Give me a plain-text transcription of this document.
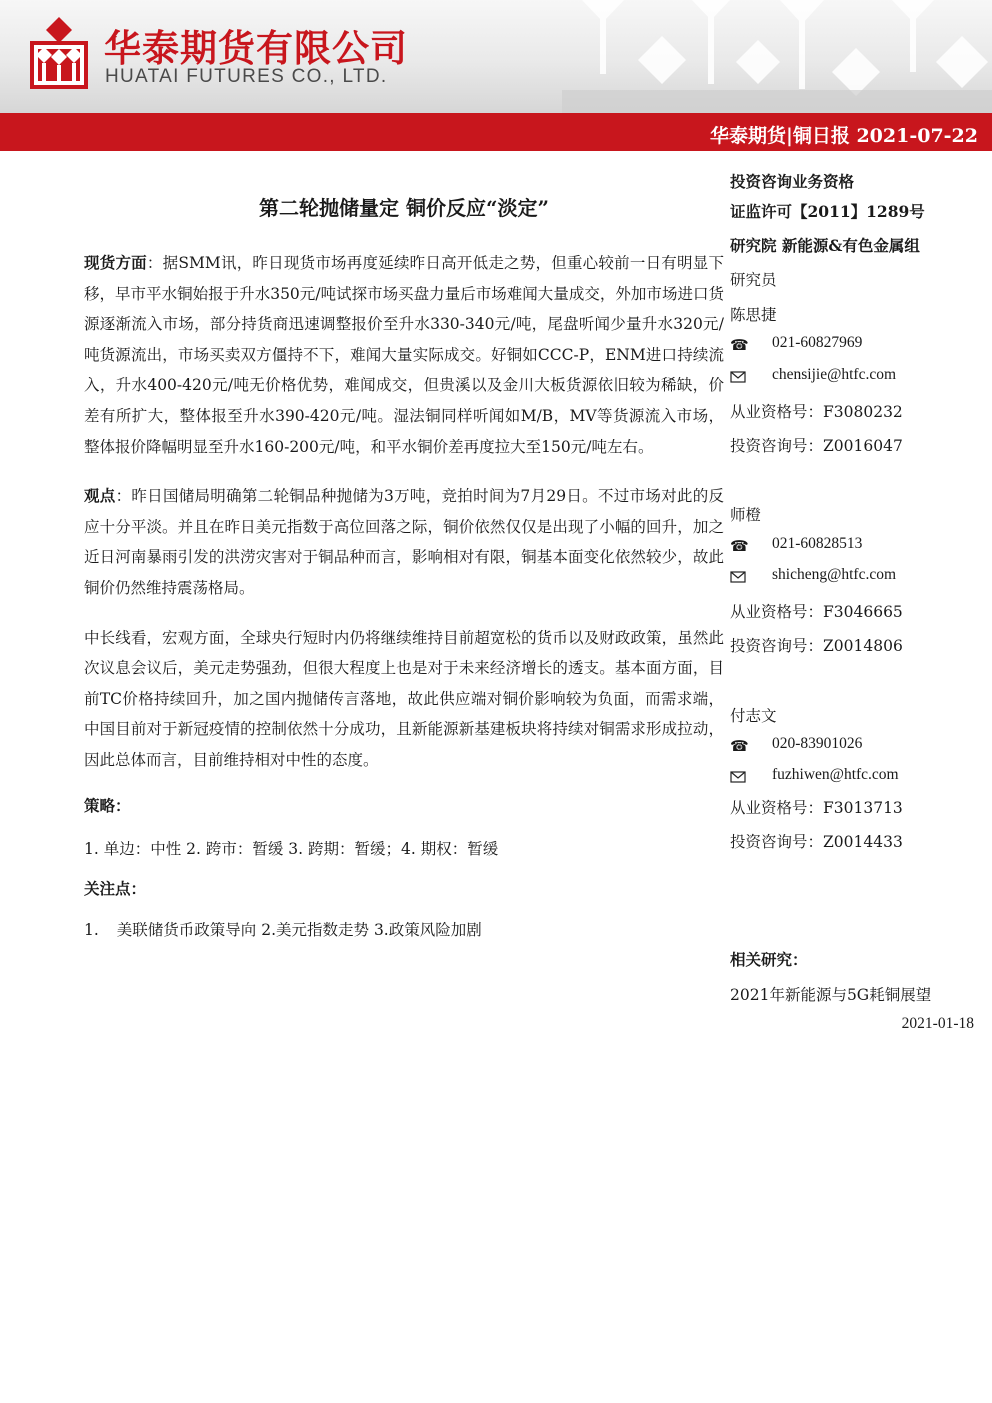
华泰期货有限公司
HUATAI FUTURES CO., LTD.
华泰期货|铜日报 2021-07-22
第二轮抛储量定 铜价反应“淡定”

现货方面：据SMM讯，昨日现货市场再度延续昨日高开低走之势，但重心较前一日有明显下移，早市平水铜始报于升水350元/吨试探市场买盘力量后市场难闻大量成交，外加市场进口货源逐渐流入市场，部分持货商迅速调整报价至升水330-340元/吨，尾盘听闻少量升水320元/吨货源流出，市场买卖双方僵持不下，难闻大量实际成交。好铜如CCC-P，ENM进口持续流入，升水400-420元/吨无价格优势，难闻成交，但贵溪以及金川大板货源依旧较为稀缺，价差有所扩大，整体报至升水390-420元/吨。湿法铜同样听闻如M/B，MV等货源流入市场，整体报价降幅明显至升水160-200元/吨，和平水铜价差再度拉大至150元/吨左右。

观点：昨日国储局明确第二轮铜品种抛储为3万吨，竞拍时间为7月29日。不过市场对此的反应十分平淡。并且在昨日美元指数于高位回落之际，铜价依然仅仅是出现了小幅的回升，加之近日河南暴雨引发的洪涝灾害对于铜品种而言，影响相对有限，铜基本面变化依然较少，故此铜价仍然维持震荡格局。

中长线看，宏观方面，全球央行短时内仍将继续维持目前超宽松的货币以及财政政策，虽然此次议息会议后，美元走势强劲，但很大程度上也是对于未来经济增长的透支。基本面方面，目前TC价格持续回升，加之国内抛储传言落地，故此供应端对铜价影响较为负面，而需求端，中国目前对于新冠疫情的控制依然十分成功，且新能源新基建板块将持续对铜需求形成拉动，因此总体而言，目前维持相对中性的态度。

策略：

1. 单边：中性 2. 跨市：暂缓 3. 跨期：暂缓；4. 期权：暂缓

关注点：

1. 美联储货币政策导向 2.美元指数走势 3.政策风险加剧

投资咨询业务资格
证监许可【2011】1289号
研究院 新能源&有色金属组
研究员
陈思捷
☎ 021-60827969
chensijie@htfc.com
从业资格号：F3080232
投资咨询号：Z0016047
师橙
☎ 021-60828513
shicheng@htfc.com
从业资格号：F3046665
投资咨询号：Z0014806
付志文
☎ 020-83901026
fuzhiwen@htfc.com
从业资格号：F3013713
投资咨询号：Z0014433
相关研究：
2021年新能源与5G耗铜展望
2021-01-18
